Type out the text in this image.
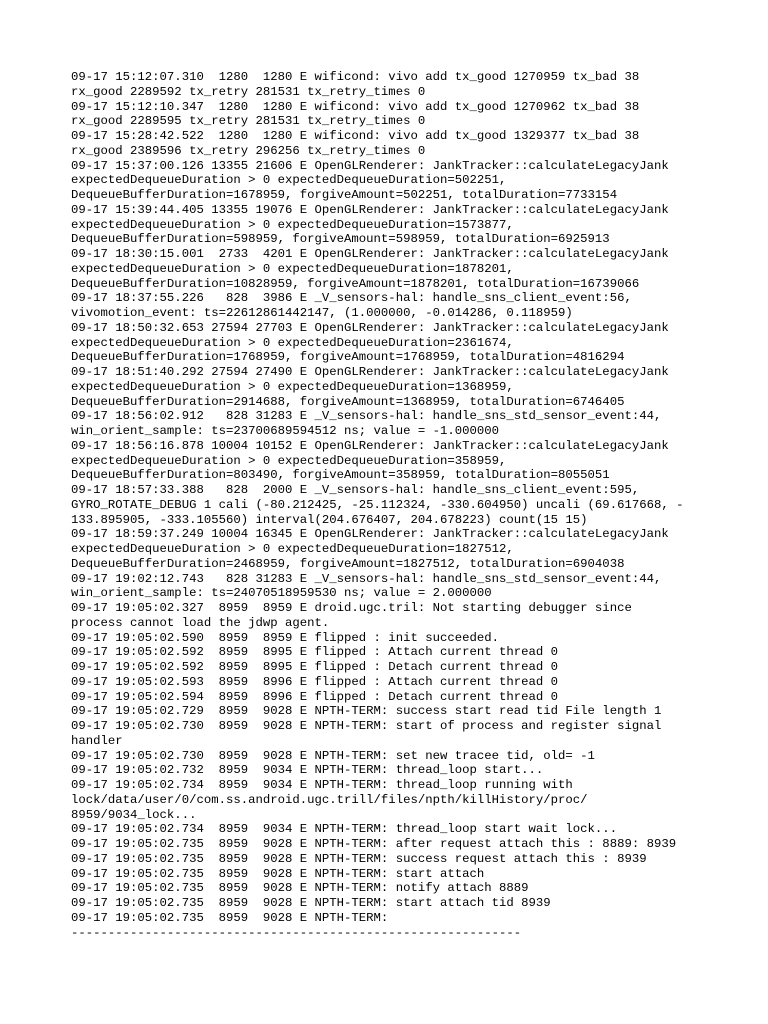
09-17 15:12:07.310  1280  1280 E wificond: vivo add tx_good 1270959 tx_bad 38
rx_good 2289592 tx_retry 281531 tx_retry_times 0
09-17 15:12:10.347  1280  1280 E wificond: vivo add tx_good 1270962 tx_bad 38
rx_good 2289595 tx_retry 281531 tx_retry_times 0
09-17 15:28:42.522  1280  1280 E wificond: vivo add tx_good 1329377 tx_bad 38
rx_good 2389596 tx_retry 296256 tx_retry_times 0
09-17 15:37:00.126 13355 21606 E OpenGLRenderer: JankTracker::calculateLegacyJank
expectedDequeueDuration > 0 expectedDequeueDuration=502251,
DequeueBufferDuration=1678959, forgiveAmount=502251, totalDuration=7733154
09-17 15:39:44.405 13355 19076 E OpenGLRenderer: JankTracker::calculateLegacyJank
expectedDequeueDuration > 0 expectedDequeueDuration=1573877,
DequeueBufferDuration=598959, forgiveAmount=598959, totalDuration=6925913
09-17 18:30:15.001  2733  4201 E OpenGLRenderer: JankTracker::calculateLegacyJank
expectedDequeueDuration > 0 expectedDequeueDuration=1878201,
DequeueBufferDuration=10828959, forgiveAmount=1878201, totalDuration=16739066
09-17 18:37:55.226   828  3986 E _V_sensors-hal: handle_sns_client_event:56,
vivomotion_event: ts=22612861442147, (1.000000, -0.014286, 0.118959)
09-17 18:50:32.653 27594 27703 E OpenGLRenderer: JankTracker::calculateLegacyJank
expectedDequeueDuration > 0 expectedDequeueDuration=2361674,
DequeueBufferDuration=1768959, forgiveAmount=1768959, totalDuration=4816294
09-17 18:51:40.292 27594 27490 E OpenGLRenderer: JankTracker::calculateLegacyJank
expectedDequeueDuration > 0 expectedDequeueDuration=1368959,
DequeueBufferDuration=2914688, forgiveAmount=1368959, totalDuration=6746405
09-17 18:56:02.912   828 31283 E _V_sensors-hal: handle_sns_std_sensor_event:44,
win_orient_sample: ts=23700689594512 ns; value = -1.000000
09-17 18:56:16.878 10004 10152 E OpenGLRenderer: JankTracker::calculateLegacyJank
expectedDequeueDuration > 0 expectedDequeueDuration=358959,
DequeueBufferDuration=803490, forgiveAmount=358959, totalDuration=8055051
09-17 18:57:33.388   828  2000 E _V_sensors-hal: handle_sns_client_event:595,
GYRO_ROTATE_DEBUG 1 cali (-80.212425, -25.112324, -330.604950) uncali (69.617668, -
133.895905, -333.105560) interval(204.676407, 204.678223) count(15 15)
09-17 18:59:37.249 10004 16345 E OpenGLRenderer: JankTracker::calculateLegacyJank
expectedDequeueDuration > 0 expectedDequeueDuration=1827512,
DequeueBufferDuration=2468959, forgiveAmount=1827512, totalDuration=6904038
09-17 19:02:12.743   828 31283 E _V_sensors-hal: handle_sns_std_sensor_event:44,
win_orient_sample: ts=24070518959530 ns; value = 2.000000
09-17 19:05:02.327  8959  8959 E droid.ugc.tril: Not starting debugger since
process cannot load the jdwp agent.
09-17 19:05:02.590  8959  8959 E flipped : init succeeded.
09-17 19:05:02.592  8959  8995 E flipped : Attach current thread 0
09-17 19:05:02.592  8959  8995 E flipped : Detach current thread 0
09-17 19:05:02.593  8959  8996 E flipped : Attach current thread 0
09-17 19:05:02.594  8959  8996 E flipped : Detach current thread 0
09-17 19:05:02.729  8959  9028 E NPTH-TERM: success start read tid File length 1
09-17 19:05:02.730  8959  9028 E NPTH-TERM: start of process and register signal
handler
09-17 19:05:02.730  8959  9028 E NPTH-TERM: set new tracee tid, old= -1
09-17 19:05:02.732  8959  9034 E NPTH-TERM: thread_loop start...
09-17 19:05:02.734  8959  9034 E NPTH-TERM: thread_loop running with
lock/data/user/0/com.ss.android.ugc.trill/files/npth/killHistory/proc/
8959/9034_lock...
09-17 19:05:02.734  8959  9034 E NPTH-TERM: thread_loop start wait lock...
09-17 19:05:02.735  8959  9028 E NPTH-TERM: after request attach this : 8889: 8939
09-17 19:05:02.735  8959  9028 E NPTH-TERM: success request attach this : 8939
09-17 19:05:02.735  8959  9028 E NPTH-TERM: start attach
09-17 19:05:02.735  8959  9028 E NPTH-TERM: notify attach 8889
09-17 19:05:02.735  8959  9028 E NPTH-TERM: start attach tid 8939
09-17 19:05:02.735  8959  9028 E NPTH-TERM:
-------------------------------------------------------------
